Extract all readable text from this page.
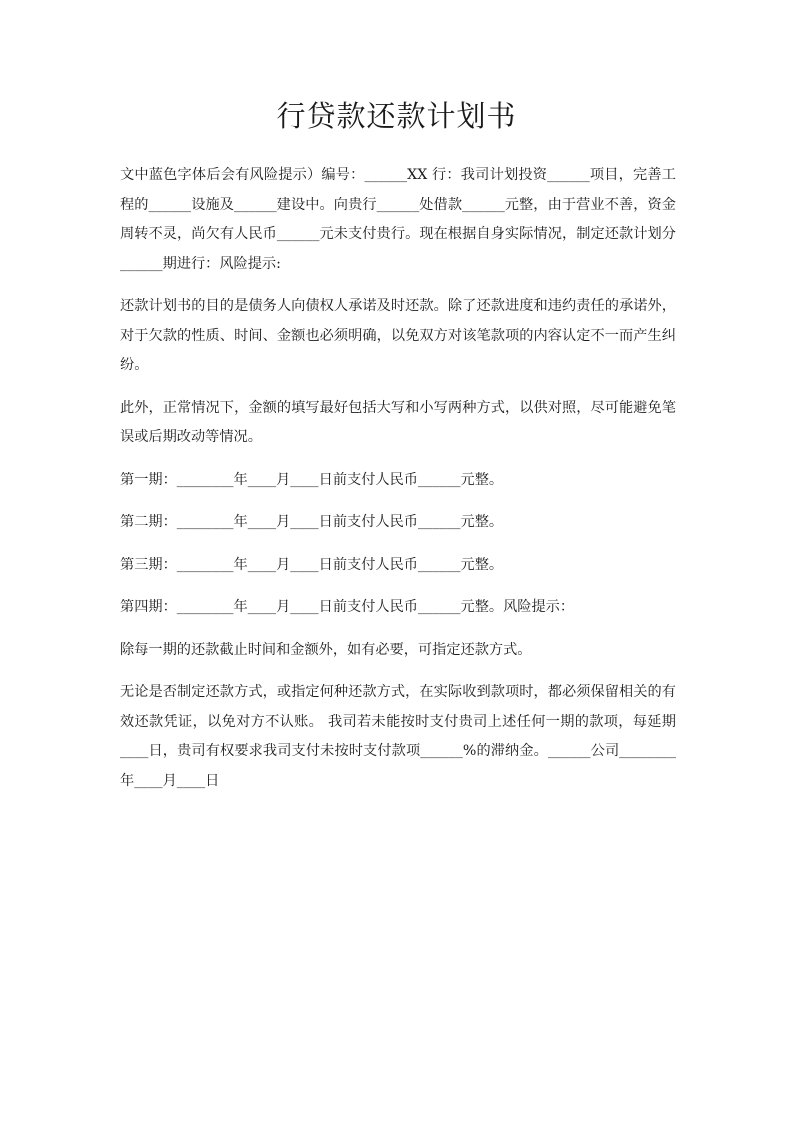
行贷款还款计划书

文中蓝色字体后会有风险提示）编号：______XX 行：我司计划投资______项目，完善工程的______设施及______建设中。向贵行______处借款______元整，由于营业不善，资金周转不灵，尚欠有人民币______元未支付贵行。现在根据自身实际情况，制定还款计划分______期进行：风险提示:

还款计划书的目的是债务人向债权人承诺及时还款。除了还款进度和违约责任的承诺外，对于欠款的性质、时间、金额也必须明确，以免双方对该笔款项的内容认定不一而产生纠纷。

此外，正常情况下，金额的填写最好包括大写和小写两种方式，以供对照，尽可能避免笔误或后期改动等情况。

第一期：________年____月____日前支付人民币______元整。

第二期：________年____月____日前支付人民币______元整。

第三期：________年____月____日前支付人民币______元整。

第四期：________年____月____日前支付人民币______元整。风险提示：

除每一期的还款截止时间和金额外，如有必要，可指定还款方式。

无论是否制定还款方式，或指定何种还款方式，在实际收到款项时，都必须保留相关的有效还款凭证，以免对方不认账。 我司若未能按时支付贵司上述任何一期的款项，每延期____日，贵司有权要求我司支付未按时支付款项______%的滞纳金。______公司________年____月____日
